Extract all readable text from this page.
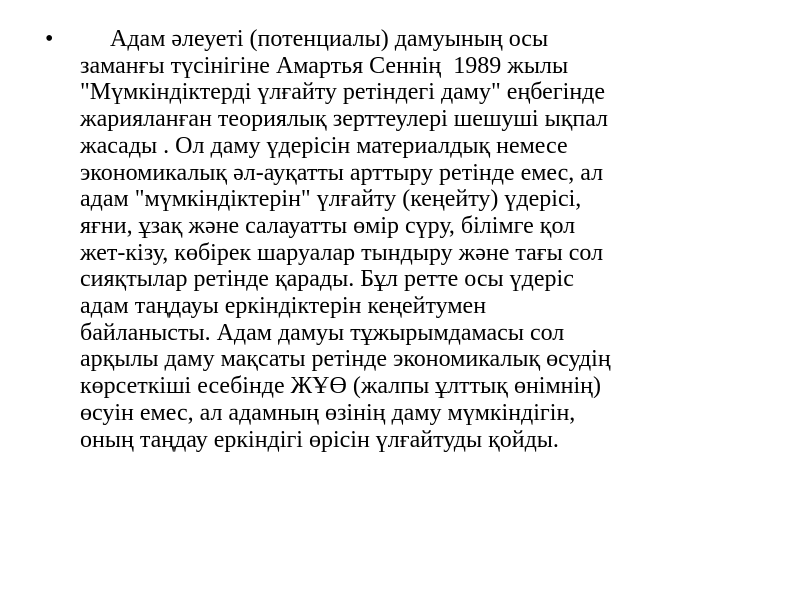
• Адам әлеуеті (потенциалы) дамуының осы
заманғы түсінігіне Амартья Сеннің  1989 жылы
"Мүмкіндіктерді үлғайту ретіндегі даму" еңбегінде
жарияланған теориялық зерттеулері шешуші ықпал
жасады . Ол даму үдерісін материалдық немесе
экономикалық әл-ауқатты арттыру ретінде емес, ал
адам "мүмкіндіктерін" үлғайту (кеңейту) үдерісі,
яғни, ұзақ және салауатты өмір сүру, білімге қол
жет-кізу, көбірек шаруалар тындыру және тағы сол
сияқтылар ретінде қарады. Бұл ретте осы үдеріс
адам таңдауы еркіндіктерін кеңейтумен
байланысты. Адам дамуы тұжырымдамасы сол
арқылы даму мақсаты ретінде экономикалық өсудің
көрсеткіші есебінде ЖҰӨ (жалпы ұлттық өнімнің)
өсуін емес, ал адамның өзінің даму мүмкіндігін,
оның таңдау еркіндігі өрісін үлғайтуды қойды.
